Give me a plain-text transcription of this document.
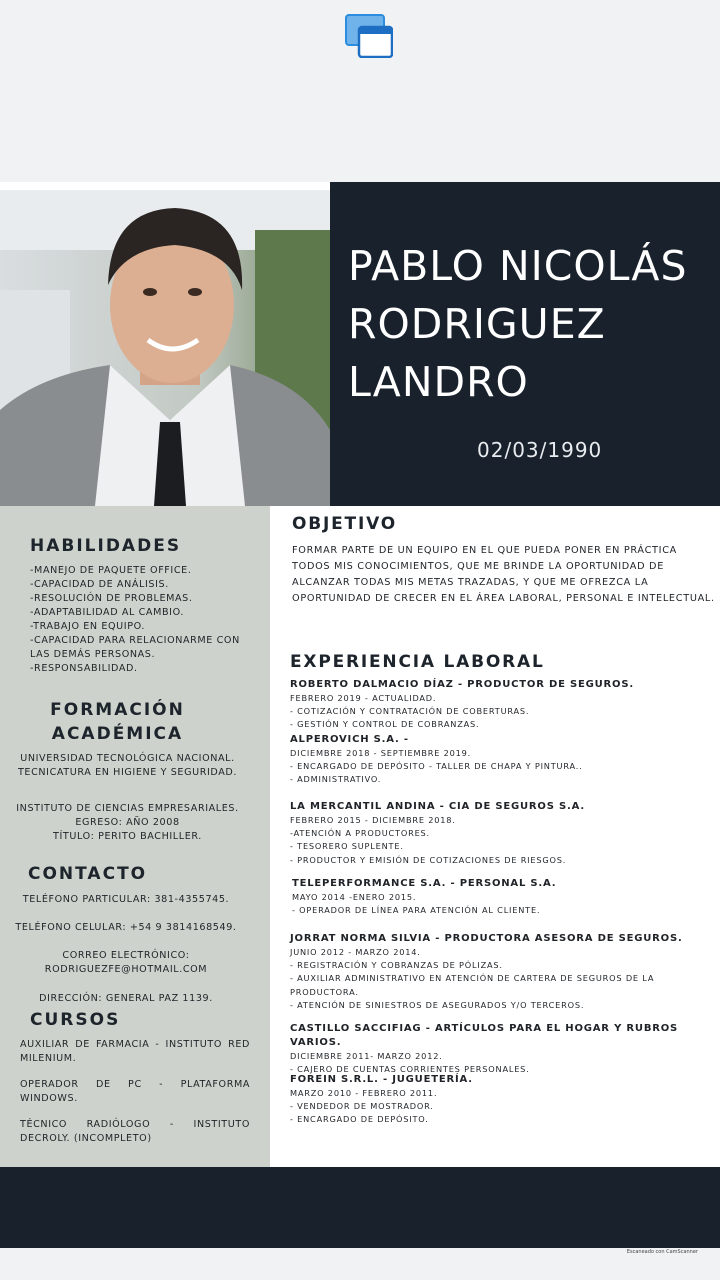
PABLO NICOLÁS
RODRIGUEZ
LANDRO
02/03/1990
HABILIDADES
-MANEJO DE PAQUETE OFFICE.
-CAPACIDAD DE ANÁLISIS.
-RESOLUCIÓN DE PROBLEMAS.
-ADAPTABILIDAD AL CAMBIO.
-TRABAJO EN EQUIPO.
-CAPACIDAD PARA RELACIONARME CON LAS DEMÁS PERSONAS.
-RESPONSABILIDAD.
FORMACIÓN ACADÉMICA
UNIVERSIDAD TECNOLÓGICA NACIONAL.
TECNICATURA EN HIGIENE Y SEGURIDAD.
INSTITUTO DE CIENCIAS EMPRESARIALES.
EGRESO: AÑO 2008
TÍTULO: PERITO BACHILLER.
CONTACTO
TELÉFONO PARTICULAR: 381-4355745.
TELÉFONO CELULAR: +54 9 3814168549.
CORREO ELECTRÓNICO:
RODRIGUEZFE@HOTMAIL.COM
DIRECCIÓN: GENERAL PAZ 1139.
CURSOS
AUXILIAR DE FARMACIA - INSTITUTO RED MILENIUM.
OPERADOR DE PC - PLATAFORMA WINDOWS.
TÉCNICO RADIÓLOGO - INSTITUTO DECROLY. (INCOMPLETO)
OBJETIVO
FORMAR PARTE DE UN EQUIPO EN EL QUE PUEDA PONER EN PRÁCTICA TODOS MIS CONOCIMIENTOS, QUE ME BRINDE LA OPORTUNIDAD DE ALCANZAR TODAS MIS METAS TRAZADAS, Y QUE ME OFREZCA LA OPORTUNIDAD DE CRECER EN EL ÁREA LABORAL, PERSONAL E INTELECTUAL.
EXPERIENCIA LABORAL
ROBERTO DALMACIO DÍAZ - PRODUCTOR DE SEGUROS.
FEBRERO 2019 - ACTUALIDAD.
- COTIZACIÓN Y CONTRATACIÓN DE COBERTURAS.
- GESTIÓN Y CONTROL DE COBRANZAS.
ALPEROVICH S.A. -
DICIEMBRE 2018 - SEPTIEMBRE 2019.
- ENCARGADO DE DEPÓSITO - TALLER DE CHAPA Y PINTURA..
- ADMINISTRATIVO.
LA MERCANTIL ANDINA - CIA DE SEGUROS S.A.
FEBRERO 2015 - DICIEMBRE 2018.
-ATENCIÓN A PRODUCTORES.
- TESORERO SUPLENTE.
- PRODUCTOR Y EMISIÓN DE COTIZACIONES DE RIESGOS.
TELEPERFORMANCE S.A. - PERSONAL S.A.
MAYO 2014 -ENERO 2015.
- OPERADOR DE LÍNEA PARA ATENCIÓN AL CLIENTE.
JORRAT NORMA SILVIA - PRODUCTORA ASESORA DE SEGUROS.
JUNIO 2012 - MARZO 2014.
- REGISTRACIÓN Y COBRANZAS DE PÓLIZAS.
- AUXILIAR ADMINISTRATIVO EN ATENCIÓN DE CARTERA DE SEGUROS DE LA PRODUCTORA.
- ATENCIÓN DE SINIESTROS DE ASEGURADOS Y/O TERCEROS.
CASTILLO SACCIFIAG - ARTÍCULOS PARA EL HOGAR Y RUBROS VARIOS.
DICIEMBRE 2011- MARZO 2012.
- CAJERO DE CUENTAS CORRIENTES PERSONALES.
FOREIN S.R.L. - JUGUETERÍA.
MARZO 2010 - FEBRERO 2011.
- VENDEDOR DE MOSTRADOR.
- ENCARGADO DE DEPÓSITO.
Escaneado con CamScanner
